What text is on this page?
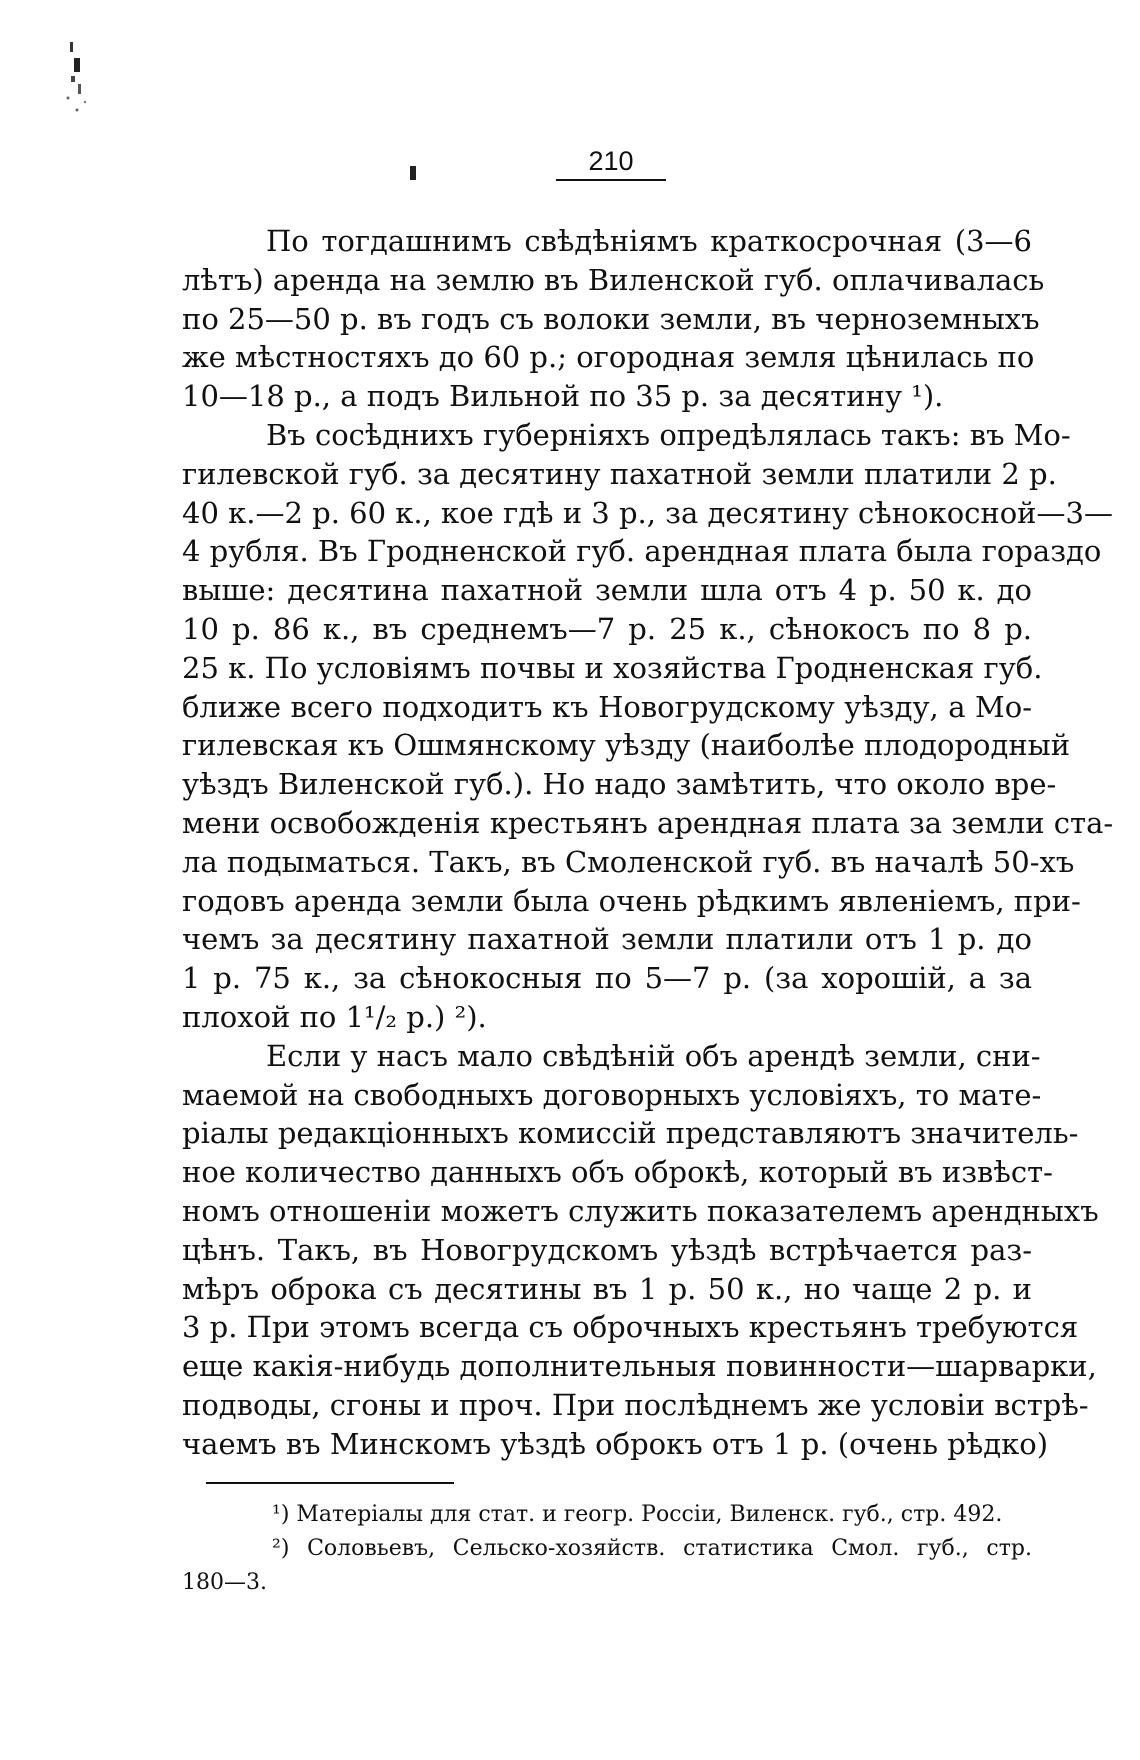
210
По тогдашнимъ свѣдѣніямъ краткосрочная (3—6
лѣтъ) аренда на землю въ Виленской губ. оплачивалась
по 25—50 р. въ годъ съ волоки земли, въ черноземныхъ
же мѣстностяхъ до 60 р.; огородная земля цѣнилась по
10—18 р., а подъ Вильной по 35 р. за десятину ¹).
Въ сосѣднихъ губерніяхъ опредѣлялась такъ: въ Мо-
гилевской губ. за десятину пахатной земли платили 2 р.
40 к.—2 р. 60 к., кое гдѣ и 3 р., за десятину сѣнокосной—3—
4 рубля. Въ Гродненской губ. арендная плата была гораздо
выше: десятина пахатной земли шла отъ 4 р. 50 к. до
10 р. 86 к., въ среднемъ—7 р. 25 к., сѣнокосъ по 8 р.
25 к. По условіямъ почвы и хозяйства Гродненская губ.
ближе всего подходитъ къ Новогрудскому уѣзду, а Мо-
гилевская къ Ошмянскому уѣзду (наиболѣе плодородный
уѣздъ Виленской губ.). Но надо замѣтить, что около вре-
мени освобожденія крестьянъ арендная плата за земли ста-
ла подыматься. Такъ, въ Смоленской губ. въ началѣ 50-хъ
годовъ аренда земли была очень рѣдкимъ явленіемъ, при-
чемъ за десятину пахатной земли платили отъ 1 р. до
1 р. 75 к., за сѣнокосныя по 5—7 р. (за хорошій, а за
плохой по 1¹/₂ р.) ²).
Если у насъ мало свѣдѣній объ арендѣ земли, сни-
маемой на свободныхъ договорныхъ условіяхъ, то мате-
ріалы редакціонныхъ комиссій представляютъ значитель-
ное количество данныхъ объ оброкѣ, который въ извѣст-
номъ отношеніи можетъ служить показателемъ арендныхъ
цѣнъ. Такъ, въ Новогрудскомъ уѣздѣ встрѣчается раз-
мѣръ оброка съ десятины въ 1 р. 50 к., но чаще 2 р. и
3 р. При этомъ всегда съ оброчныхъ крестьянъ требуются
еще какія-нибудь дополнительныя повинности—шарварки,
подводы, сгоны и проч. При послѣднемъ же условіи встрѣ-
чаемъ въ Минскомъ уѣздѣ оброкъ отъ 1 р. (очень рѣдко)
¹) Матеріалы для стат. и геогр. Россіи, Виленск. губ., стр. 492.
²) Соловьевъ, Сельско-хозяйств. статистика Смол. губ., стр.
180—3.
